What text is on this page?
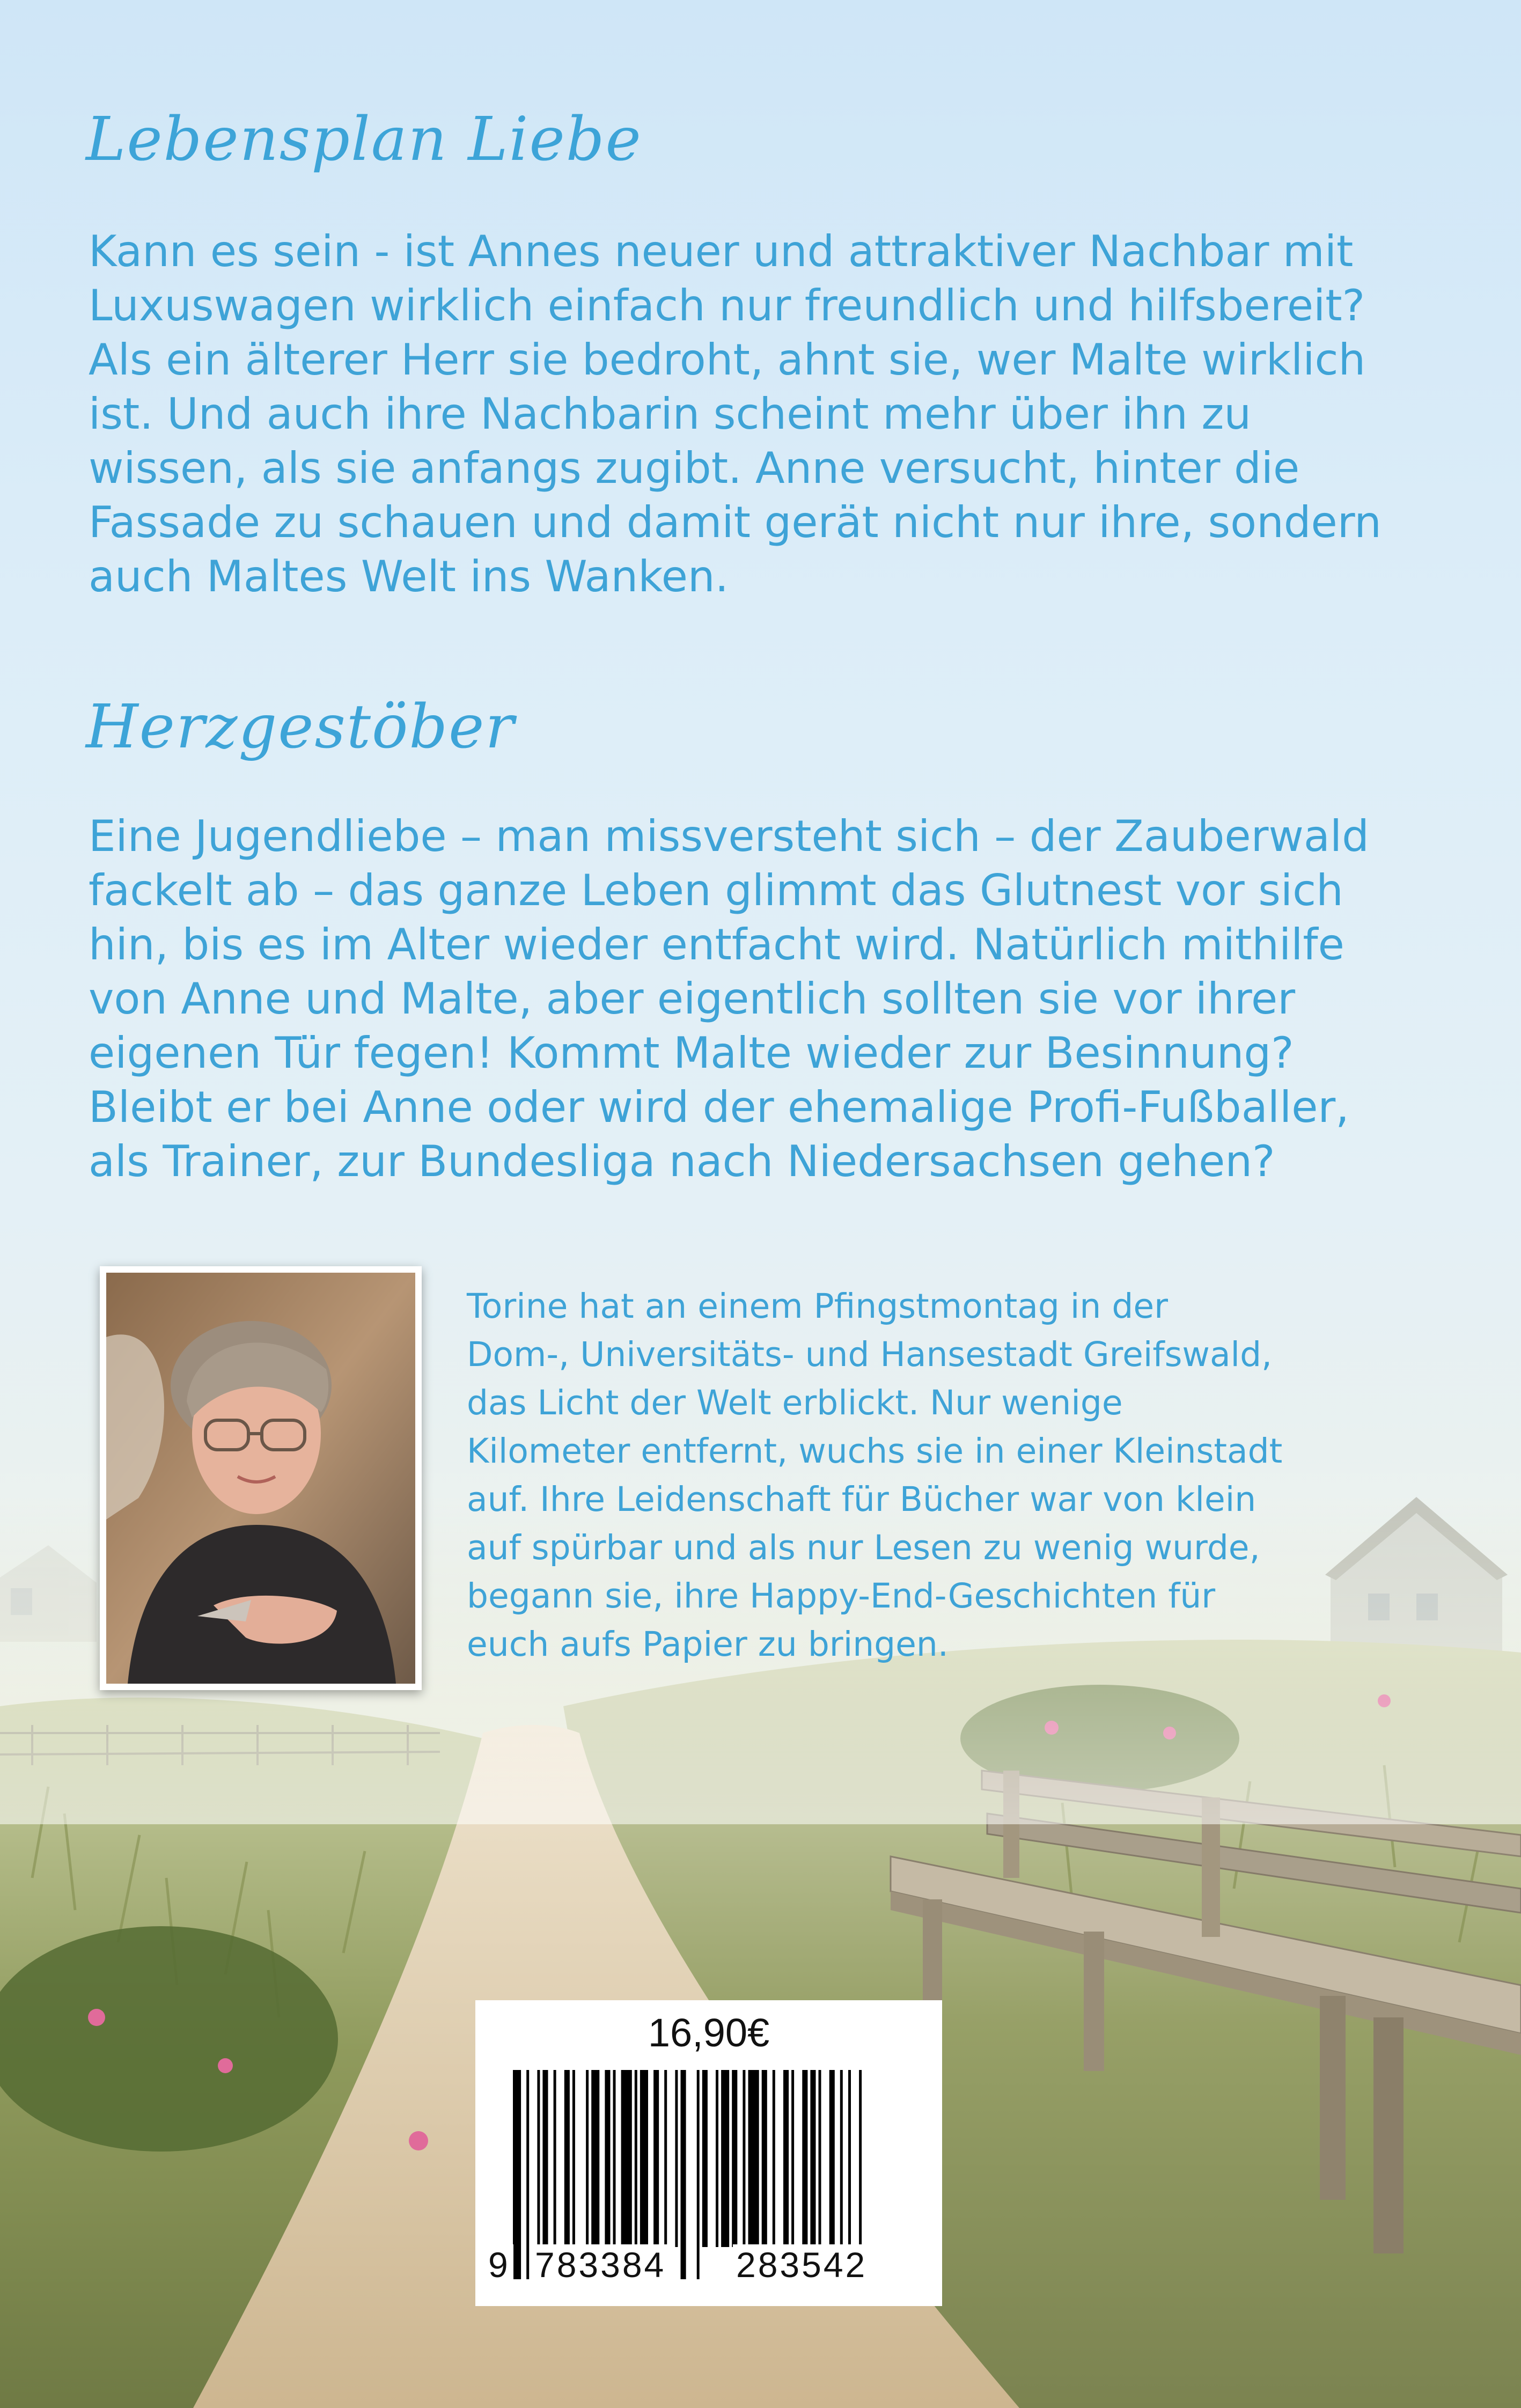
Lebensplan Liebe

Kann es sein - ist Annes neuer und attraktiver Nachbar mit
Luxuswagen wirklich einfach nur freundlich und hilfsbereit?
Als ein älterer Herr sie bedroht, ahnt sie, wer Malte wirklich
ist. Und auch ihre Nachbarin scheint mehr über ihn zu
wissen, als sie anfangs zugibt. Anne versucht, hinter die
Fassade zu schauen und damit gerät nicht nur ihre, sondern
auch Maltes Welt ins Wanken.

Herzgestöber

Eine Jugendliebe – man missversteht sich – der Zauberwald
fackelt ab – das ganze Leben glimmt das Glutnest vor sich
hin, bis es im Alter wieder entfacht wird. Natürlich mithilfe
von Anne und Malte, aber eigentlich sollten sie vor ihrer
eigenen Tür fegen! Kommt Malte wieder zur Besinnung?
Bleibt er bei Anne oder wird der ehemalige Profi-Fußballer,
als Trainer, zur Bundesliga nach Niedersachsen gehen?

Torine hat an einem Pfingstmontag in der
Dom-, Universitäts- und Hansestadt Greifswald,
das Licht der Welt erblickt. Nur wenige
Kilometer entfernt, wuchs sie in einer Kleinstadt
auf. Ihre Leidenschaft für Bücher war von klein
auf spürbar und als nur Lesen zu wenig wurde,
begann sie, ihre Happy-End-Geschichten für
euch aufs Papier zu bringen.

16,90€
9 783384 283542
